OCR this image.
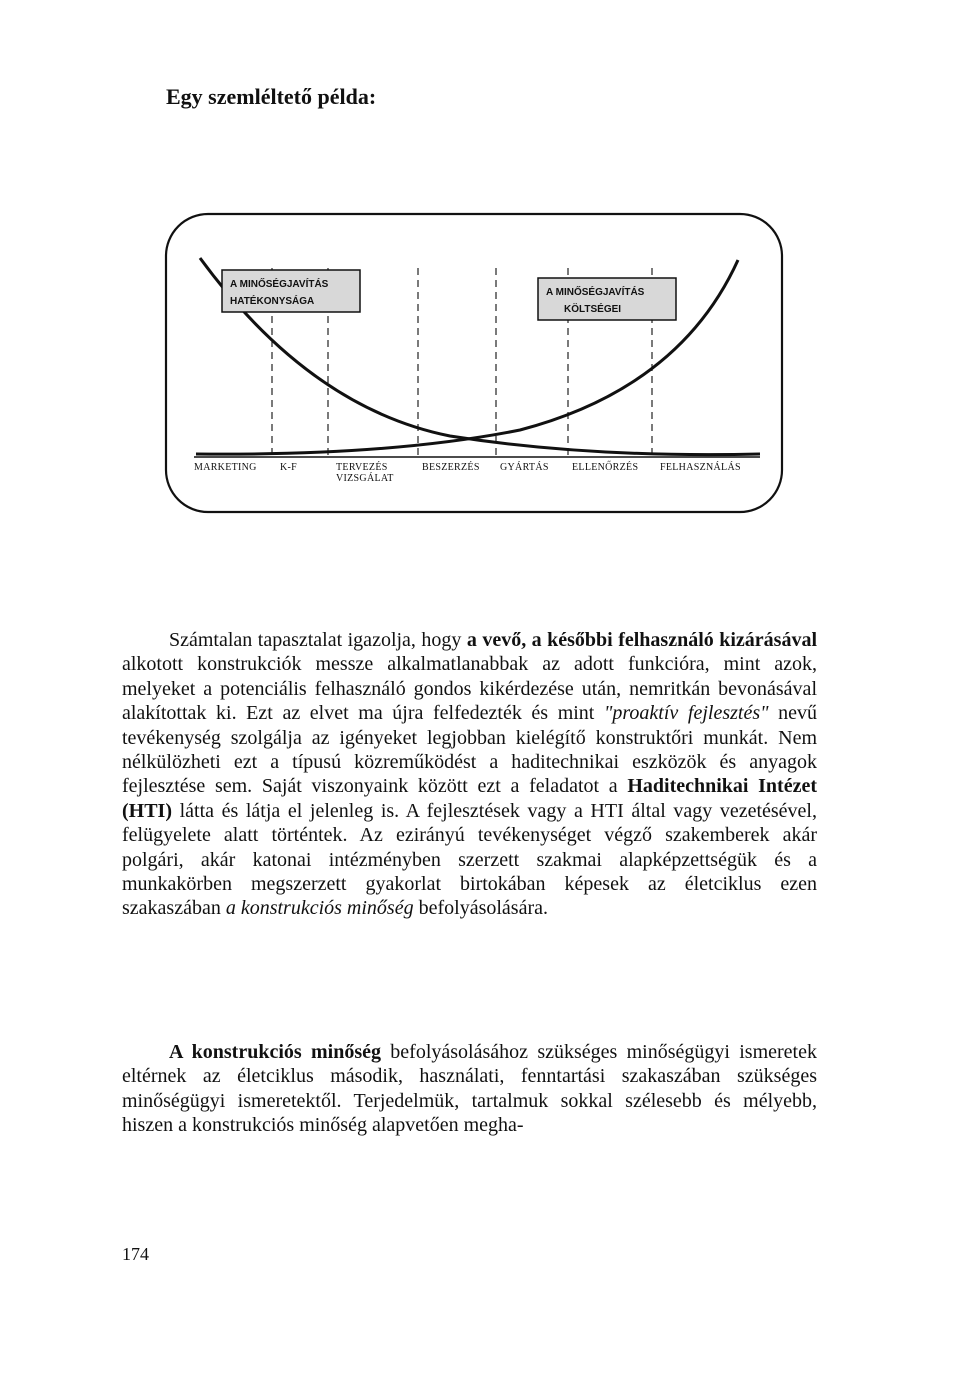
Egy szemléltető példa:
A MINŐSÉGJAVÍTÁS
HATÉKONYSÁGA
A MINŐSÉGJAVÍTÁS
KÖLTSÉGEI
MARKETING K-F	TERVEZÉS
VIZSGÁLAT
BESZERZÉS GYÁRTÁS ELLENŐRZÉS FELHASZNÁLÁS
Számtalan tapasztalat igazolja, hogy a vevő, a későbbi felhasználó kizárásával alkotott konstrukciók messze alkalmatlanabbak az adott funkcióra, mint azok, melyeket a potenciális felhasználó gondos kikérdezése után, nemritkán bevonásával alakítottak ki. Ezt az elvet ma újra felfedezték és mint "proaktív fejlesztés" nevű tevékenység szolgálja az igényeket legjobban kielégítő konstruktőri munkát. Nem nélkülözheti ezt a típusú közreműködést a haditechnikai eszközök és anyagok fejlesztése sem. Saját viszonyaink között ezt a feladatot a Haditechnikai Intézet (HTI) látta és látja el jelenleg is. A fejlesztések vagy a HTI által vagy vezetésével, felügyelete alatt történtek. Az ezirányú tevékenységet végző szakemberek akár polgári, akár katonai intézményben szerzett szakmai alapképzettségük és a munkakörben megszerzett gyakorlat birtokában képesek az életciklus ezen szakaszában a konstrukciós minőség befolyásolására.
A konstrukciós minőség befolyásolásához szükséges minőségügyi ismeretek eltérnek az életciklus második, használati, fenntartási szakaszában szükséges minőségügyi ismeretektől. Terjedelmük, tartalmuk sokkal szélesebb és mélyebb, hiszen a konstrukciós minőség alapvetően megha-
174
